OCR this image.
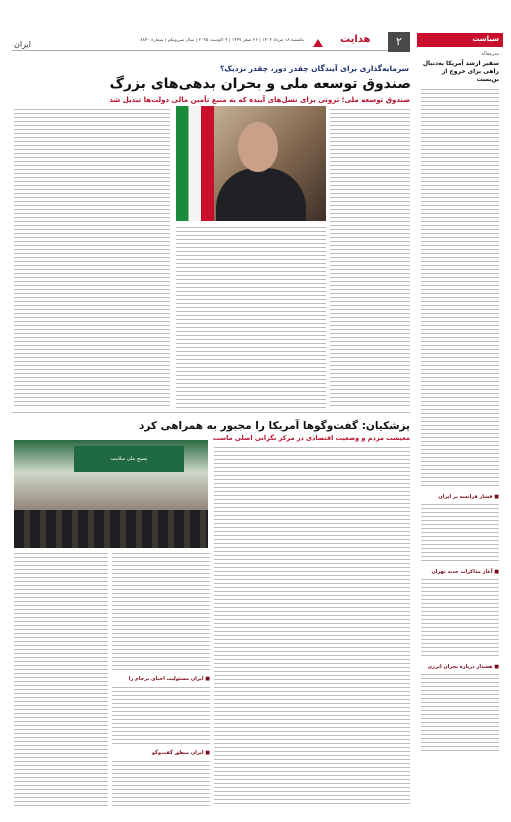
۲
هدایت
یکشنبه ۱۸ مرداد ۱۴۰۴ | ۲۶ صفر ۱۴۴۷ | ۹ آگوست ۲۰۲۵ | سال سی‌ویکم | شماره ۸۸۴۰
ایران
سیاست
سرمقاله
سفیر ارشد آمریکا به‌دنبال راهی برای خروج از بن‌بست
■ فشار فرانسه بر ایران
■ آغاز مذاکرات جدید تهران
■ هشدار درباره بحران انرژی
سرمایه‌گذاری برای آیندگان چقدر دور، چقدر نزدیک؟
صندوق توسعه ملی و بحران بدهی‌های بزرگ
صندوق توسعه ملی؛ ثروتی برای نسل‌های آینده که به منبع تأمین مالی دولت‌ها تبدیل شد
پزشکیان: گفت‌وگوها آمریکا را مجبور به همراهی کرد
معیشت مردم و وضعیت اقتصادی در مرکز نگرانی اصلی ماست
بسیج ملی سلامت
■ ایران مسئولیت احیای برجام را
■ ایران منطق گفت‌وگو
